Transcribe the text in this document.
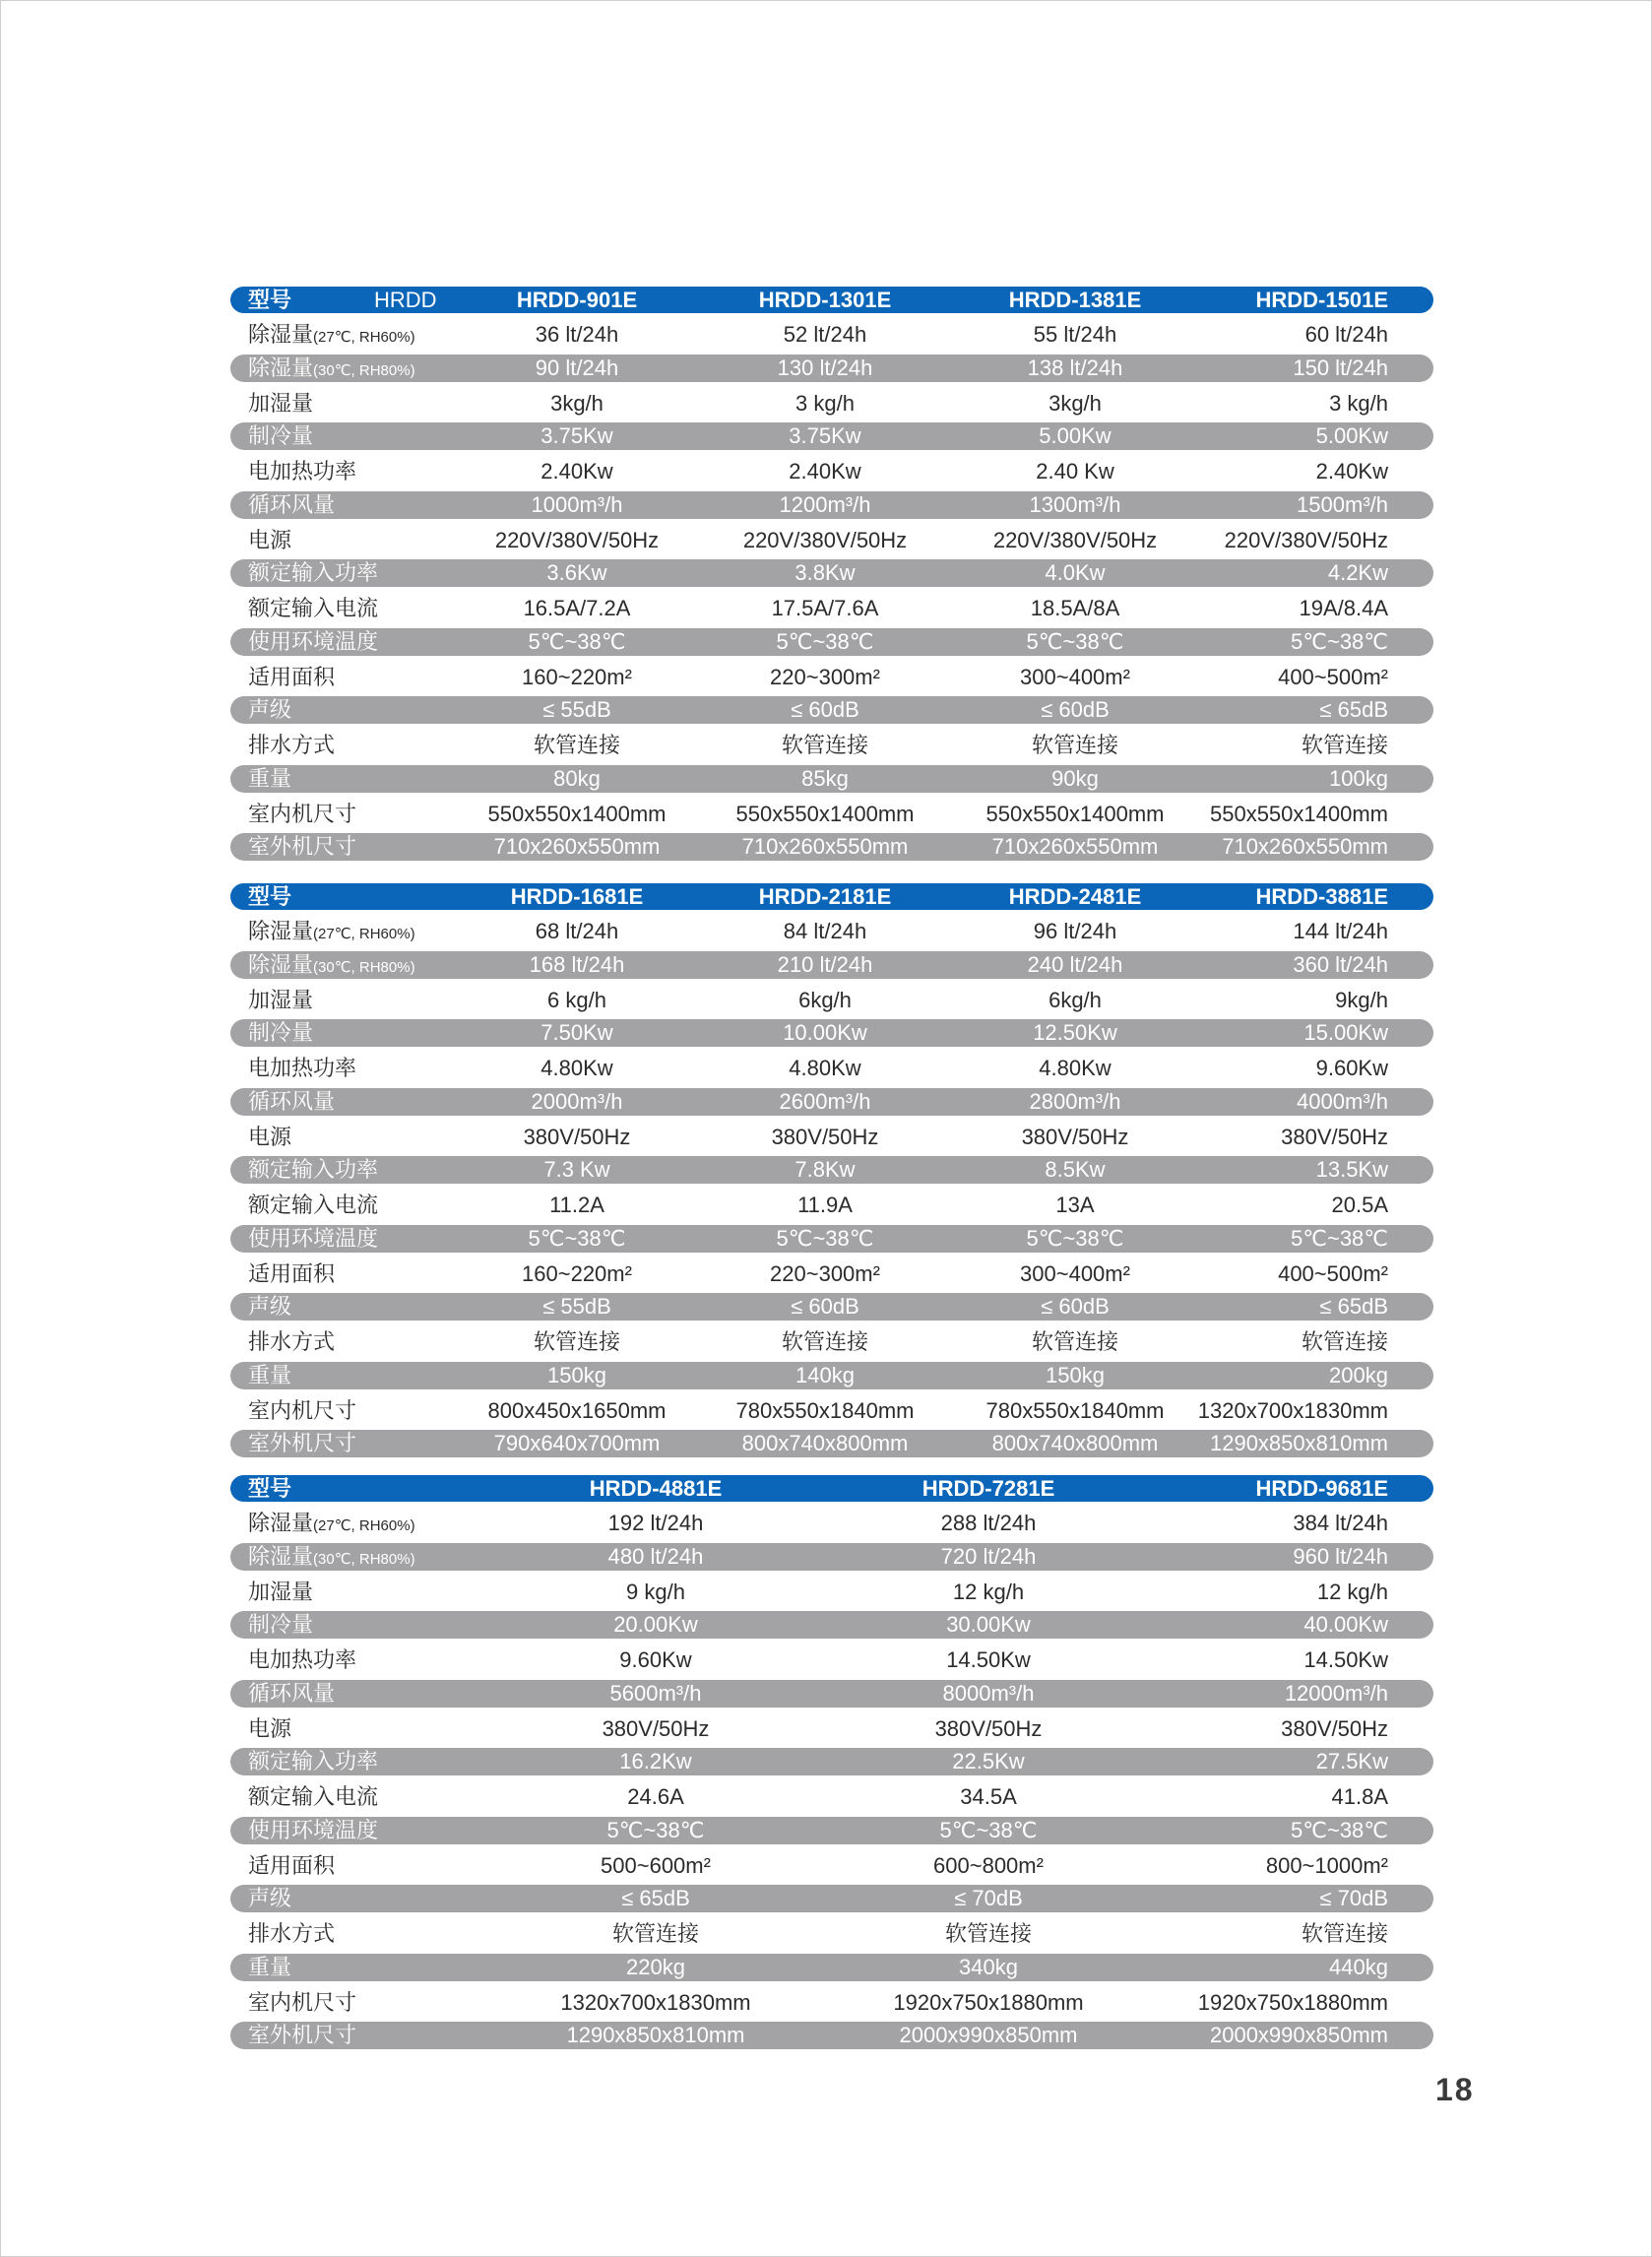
型号	HRDD	HRDD-901E	HRDD-1301E	HRDD-1381E	HRDD-1501E
除湿量(27℃, RH60%)	36 lt/24h	52 lt/24h	55 lt/24h	60 lt/24h
除湿量(30℃, RH80%)	90 lt/24h	130 lt/24h	138 lt/24h	150 lt/24h
加湿量	3kg/h	3 kg/h	3kg/h	3 kg/h
制冷量	3.75Kw	3.75Kw	5.00Kw	5.00Kw
电加热功率	2.40Kw	2.40Kw	2.40 Kw	2.40Kw
循环风量	1000m³/h	1200m³/h	1300m³/h	1500m³/h
电源	220V/380V/50Hz	220V/380V/50Hz	220V/380V/50Hz	220V/380V/50Hz
额定输入功率	3.6Kw	3.8Kw	4.0Kw	4.2Kw
额定输入电流	16.5A/7.2A	17.5A/7.6A	18.5A/8A	19A/8.4A
使用环境温度	5℃~38℃	5℃~38℃	5℃~38℃	5℃~38℃
适用面积	160~220m²	220~300m²	300~400m²	400~500m²
声级	≤ 55dB	≤ 60dB	≤ 60dB	≤ 65dB
排水方式	软管连接	软管连接	软管连接	软管连接
重量	80kg	85kg	90kg	100kg
室内机尺寸	550x550x1400mm	550x550x1400mm	550x550x1400mm	550x550x1400mm
室外机尺寸	710x260x550mm	710x260x550mm	710x260x550mm	710x260x550mm
型号	HRDD-1681E	HRDD-2181E	HRDD-2481E	HRDD-3881E
除湿量(27℃, RH60%)	68 lt/24h	84 lt/24h	96 lt/24h	144 lt/24h
除湿量(30℃, RH80%)	168 lt/24h	210 lt/24h	240 lt/24h	360 lt/24h
加湿量	6 kg/h	6kg/h	6kg/h	9kg/h
制冷量	7.50Kw	10.00Kw	12.50Kw	15.00Kw
电加热功率	4.80Kw	4.80Kw	4.80Kw	9.60Kw
循环风量	2000m³/h	2600m³/h	2800m³/h	4000m³/h
电源	380V/50Hz	380V/50Hz	380V/50Hz	380V/50Hz
额定输入功率	7.3 Kw	7.8Kw	8.5Kw	13.5Kw
额定输入电流	11.2A	11.9A	13A	20.5A
使用环境温度	5℃~38℃	5℃~38℃	5℃~38℃	5℃~38℃
适用面积	160~220m²	220~300m²	300~400m²	400~500m²
声级	≤ 55dB	≤ 60dB	≤ 60dB	≤ 65dB
排水方式	软管连接	软管连接	软管连接	软管连接
重量	150kg	140kg	150kg	200kg
室内机尺寸	800x450x1650mm	780x550x1840mm	780x550x1840mm	1320x700x1830mm
室外机尺寸	790x640x700mm	800x740x800mm	800x740x800mm	1290x850x810mm
型号	HRDD-4881E	HRDD-7281E	HRDD-9681E
除湿量(27℃, RH60%)	192 lt/24h	288 lt/24h	384 lt/24h
除湿量(30℃, RH80%)	480 lt/24h	720 lt/24h	960 lt/24h
加湿量	9 kg/h	12 kg/h	12 kg/h
制冷量	20.00Kw	30.00Kw	40.00Kw
电加热功率	9.60Kw	14.50Kw	14.50Kw
循环风量	5600m³/h	8000m³/h	12000m³/h
电源	380V/50Hz	380V/50Hz	380V/50Hz
额定输入功率	16.2Kw	22.5Kw	27.5Kw
额定输入电流	24.6A	34.5A	41.8A
使用环境温度	5℃~38℃	5℃~38℃	5℃~38℃
适用面积	500~600m²	600~800m²	800~1000m²
声级	≤ 65dB	≤ 70dB	≤ 70dB
排水方式	软管连接	软管连接	软管连接
重量	220kg	340kg	440kg
室内机尺寸	1320x700x1830mm	1920x750x1880mm	1920x750x1880mm
室外机尺寸	1290x850x810mm	2000x990x850mm	2000x990x850mm
18
